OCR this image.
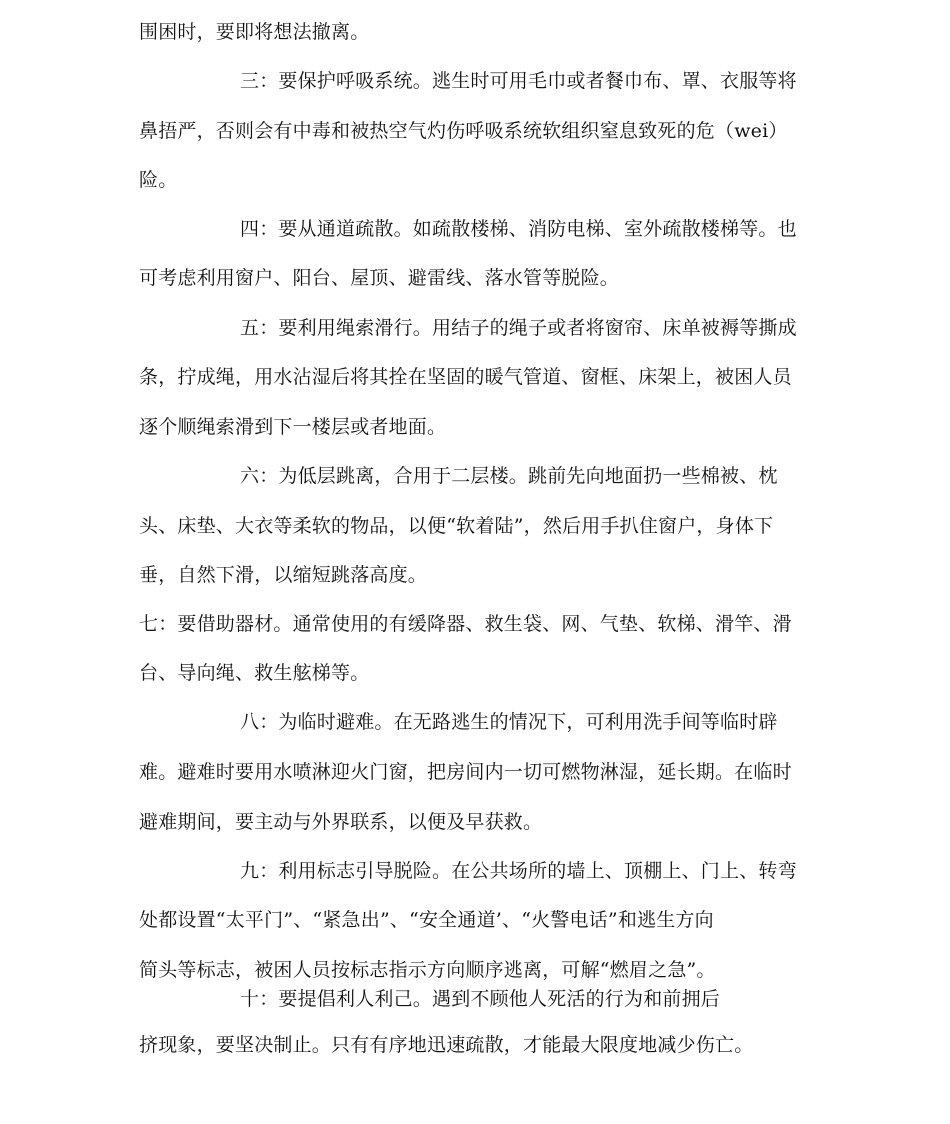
围困时，要即将想法撤离。
三：要保护呼吸系统。逃生时可用毛巾或者餐巾布、罩、衣服等将
鼻捂严，否则会有中毒和被热空气灼伤呼吸系统软组织窒息致死的危（wei）
险。
四：要从通道疏散。如疏散楼梯、消防电梯、室外疏散楼梯等。也
可考虑利用窗户、阳台、屋顶、避雷线、落水管等脱险。
五：要利用绳索滑行。用结子的绳子或者将窗帘、床单被褥等撕成
条，拧成绳，用水沾湿后将其拴在坚固的暖气管道、窗框、床架上，被困人员
逐个顺绳索滑到下一楼层或者地面。
六：为低层跳离，合用于二层楼。跳前先向地面扔一些棉被、枕
头、床垫、大衣等柔软的物品，以便“软着陆”，然后用手扒住窗户，身体下
垂，自然下滑，以缩短跳落高度。
七：要借助器材。通常使用的有缓降器、救生袋、网、气垫、软梯、滑竿、滑
台、导向绳、救生舷梯等。
八：为临时避难。在无路逃生的情况下，可利用洗手间等临时辟
难。避难时要用水喷淋迎火门窗，把房间内一切可燃物淋湿，延长期。在临时
避难期间，要主动与外界联系，以便及早获救。
九：利用标志引导脱险。在公共场所的墙上、顶棚上、门上、转弯
处都设置“太平门”、“紧急出”、“安全通道’、“火警电话”和逃生方向
简头等标志，被困人员按标志指示方向顺序逃离，可解“燃眉之急”。
十：要提倡利人利己。遇到不顾他人死活的行为和前拥后
挤现象，要坚决制止。只有有序地迅速疏散，才能最大限度地减少伤亡。
